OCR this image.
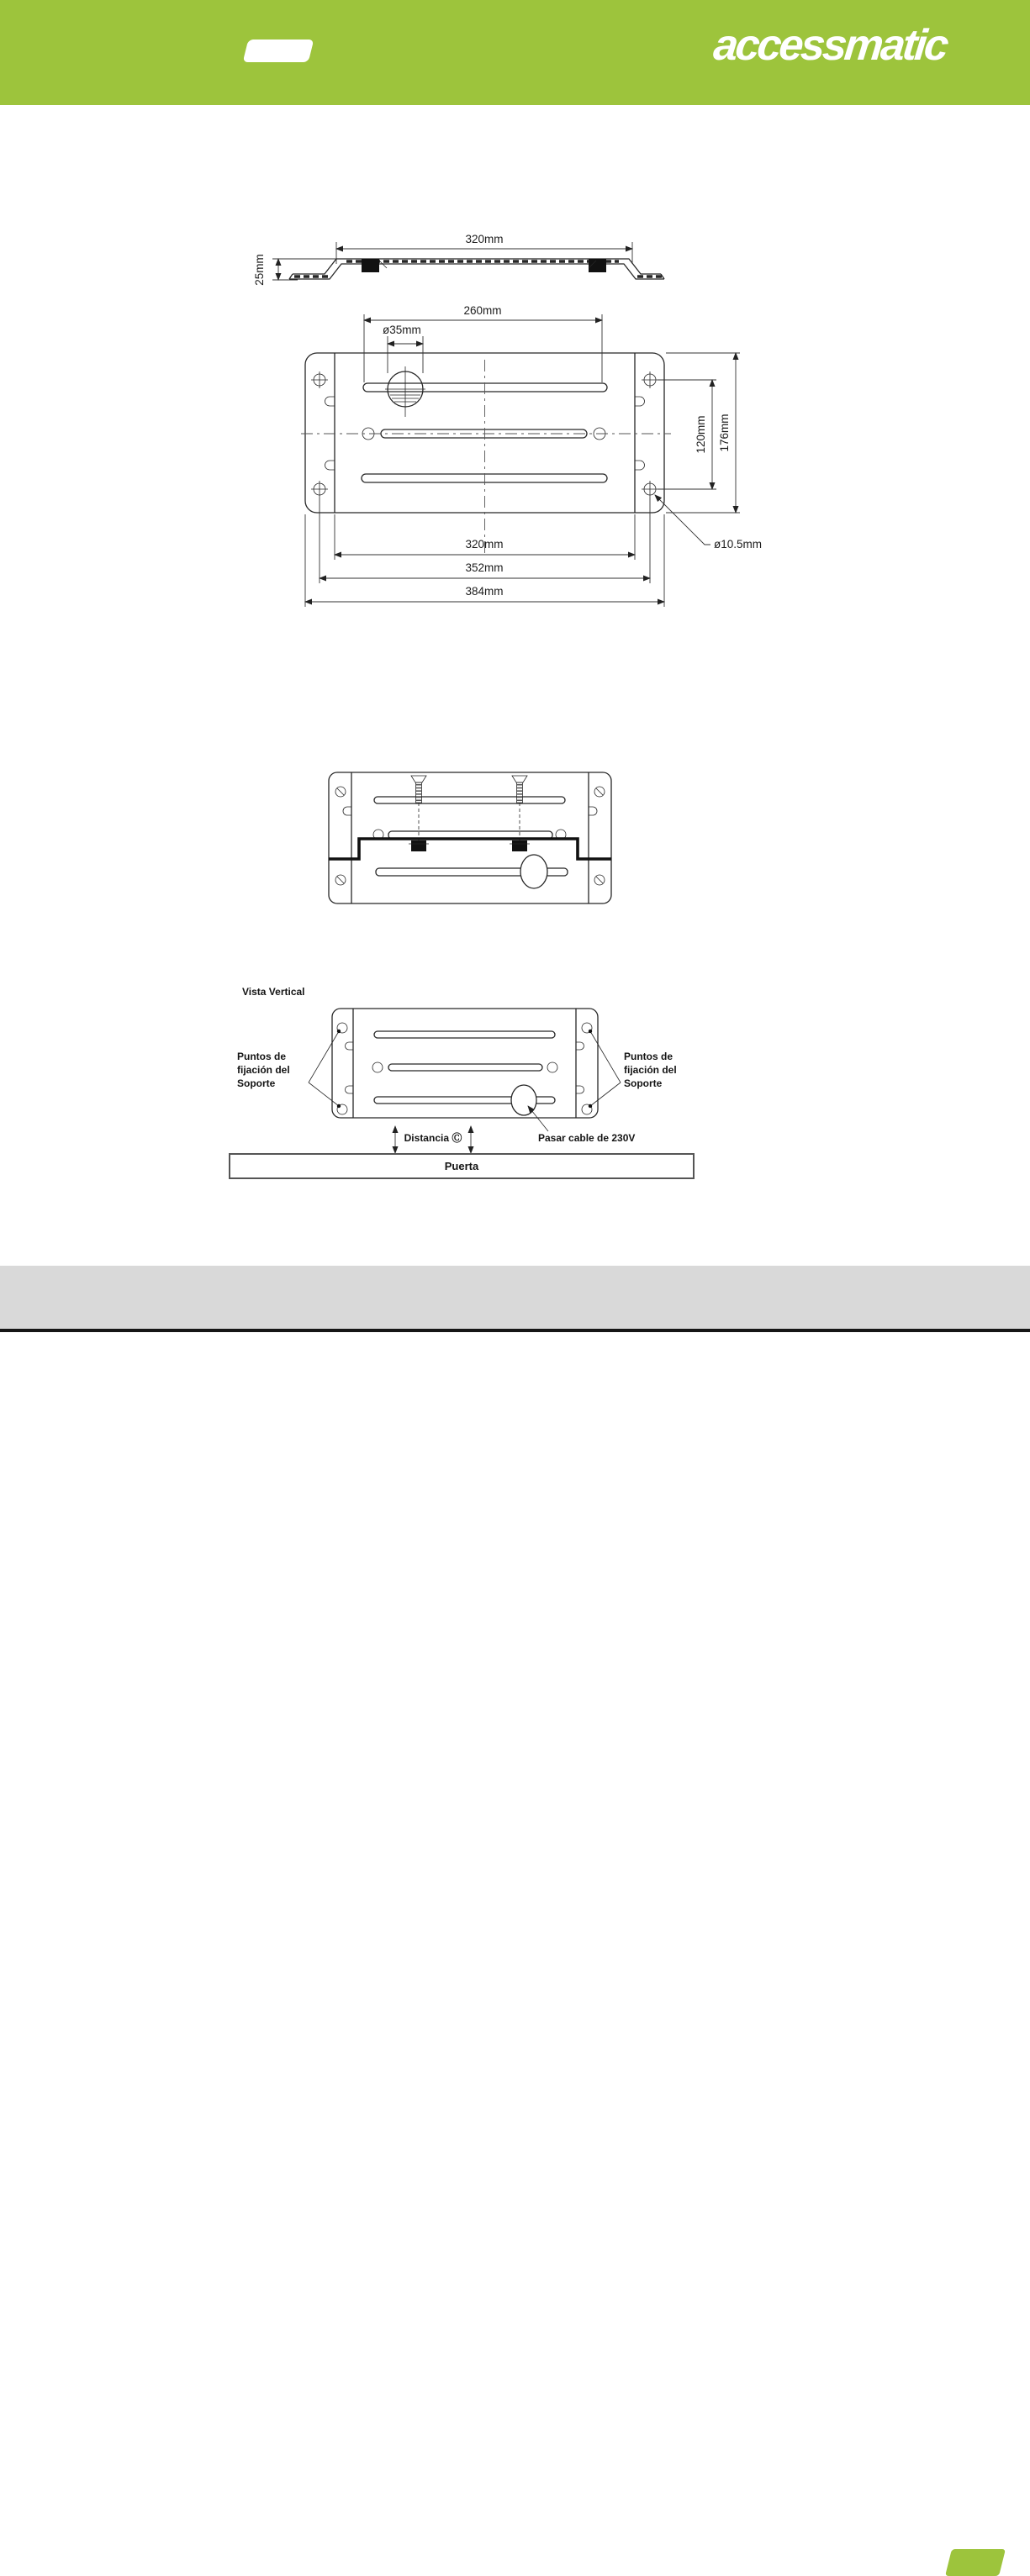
320mm
25mm
260mm
ø35mm
176mm
120mm
320mm
352mm
384mm
ø10.5mm
Vista Vertical
Puntos de
fijación del
Soporte
Puntos de
fijación del
Soporte
Distancia Ⓒ	Pasar cable de 230V
Puerta
accessmatic
